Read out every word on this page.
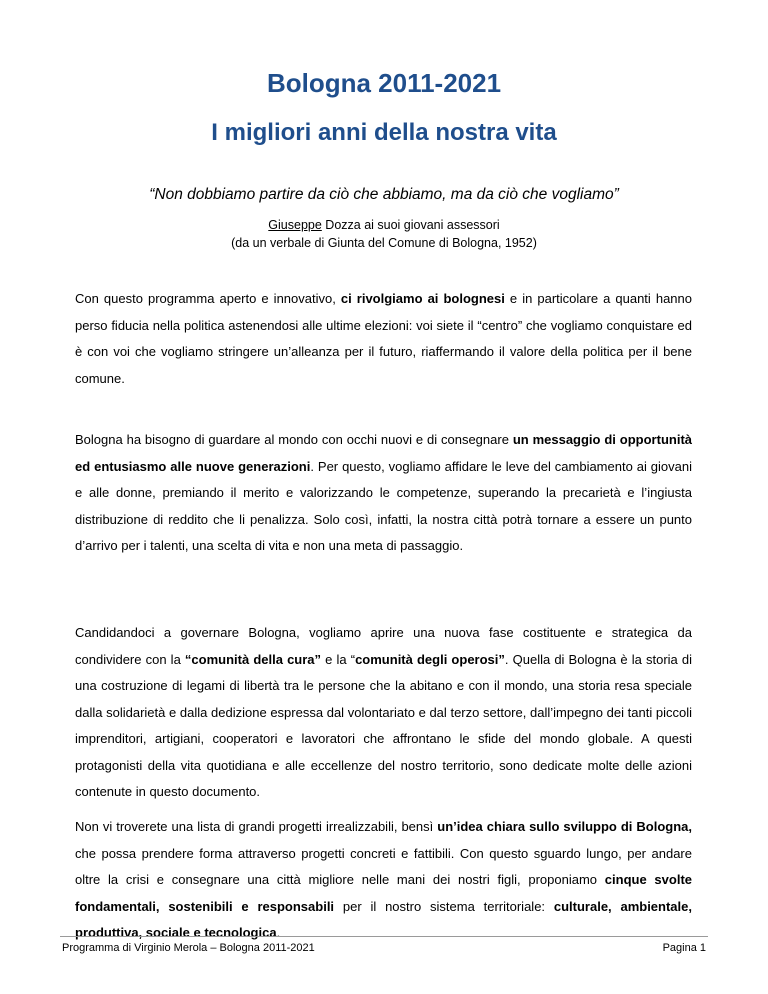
Bologna 2011-2021
I migliori anni della nostra vita

“Non dobbiamo partire da ciò che abbiamo, ma da ciò che vogliamo”

Giuseppe Dozza ai suoi giovani assessori
(da un verbale di Giunta del Comune di Bologna, 1952)

Con questo programma aperto e innovativo, ci rivolgiamo ai bolognesi e in particolare a quanti hanno perso fiducia nella politica astenendosi alle ultime elezioni: voi siete il “centro” che vogliamo conquistare ed è con voi che vogliamo stringere un’alleanza per il futuro, riaffermando il valore della politica per il bene comune.

Bologna ha bisogno di guardare al mondo con occhi nuovi e di consegnare un messaggio di opportunità ed entusiasmo alle nuove generazioni. Per questo, vogliamo affidare le leve del cambiamento ai giovani e alle donne, premiando il merito e valorizzando le competenze, superando la precarietà e l’ingiusta distribuzione di reddito che li penalizza. Solo così, infatti, la nostra città potrà tornare a essere un punto d’arrivo per i talenti, una scelta di vita e non una meta di passaggio.

Candidandoci a governare Bologna, vogliamo aprire una nuova fase costituente e strategica da condividere con la “comunità della cura” e la “comunità degli operosi”. Quella di Bologna è la storia di una costruzione di legami di libertà tra le persone che la abitano e con il mondo, una storia resa speciale dalla solidarietà e dalla dedizione espressa dal volontariato e dal terzo settore, dall’impegno dei tanti piccoli imprenditori, artigiani, cooperatori e lavoratori che affrontano le sfide del mondo globale. A questi protagonisti della vita quotidiana e alle eccellenze del nostro territorio, sono dedicate molte delle azioni contenute in questo documento.

Non vi troverete una lista di grandi progetti irrealizzabili, bensì un’idea chiara sullo sviluppo di Bologna, che possa prendere forma attraverso progetti concreti e fattibili. Con questo sguardo lungo, per andare oltre la crisi e consegnare una città migliore nelle mani dei nostri figli, proponiamo cinque svolte fondamentali, sostenibili e responsabili per il nostro sistema territoriale: culturale, ambientale, produttiva, sociale e tecnologica.

Programma di Virginio Merola – Bologna 2011-2021	Pagina 1
